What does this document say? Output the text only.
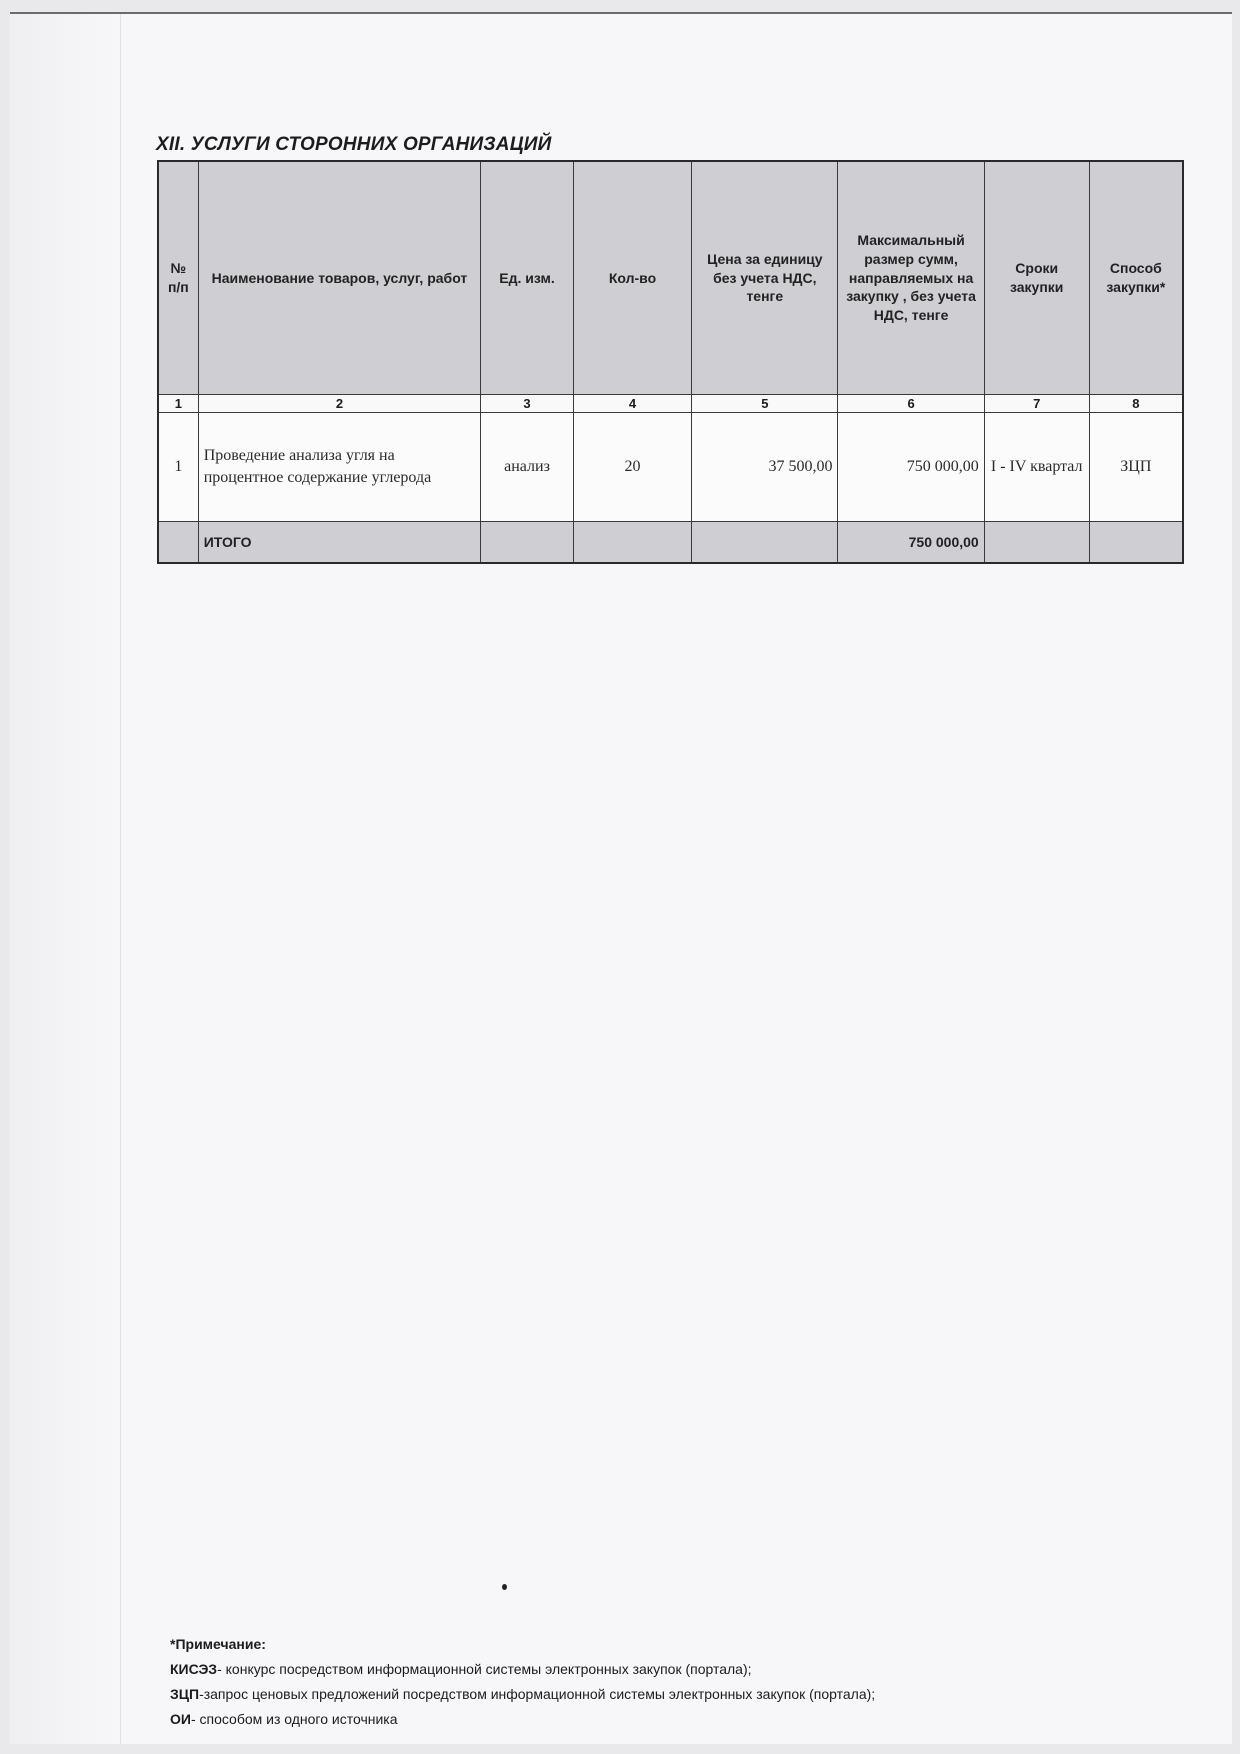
XII. УСЛУГИ СТОРОННИХ ОРГАНИЗАЦИЙ
№ п/п	Наименование товаров, услуг, работ	Ед. изм.	Кол-во	Цена за единицу без учета НДС, тенге	Максимальный размер сумм, направляемых на закупку , без учета НДС, тенге	Сроки закупки	Способ закупки*
1	2	3	4	5	6	7	8
1	Проведение анализа угля на процентное содержание углерода	анализ	20	37 500,00	750 000,00	I - IV квартал	ЗЦП
	ИТОГО				750 000,00		
*Примечание:
КИСЭЗ- конкурс посредством информационной системы электронных закупок (портала);
ЗЦП-запрос ценовых предложений посредством информационной системы электронных закупок (портала);
ОИ- способом из одного источника
